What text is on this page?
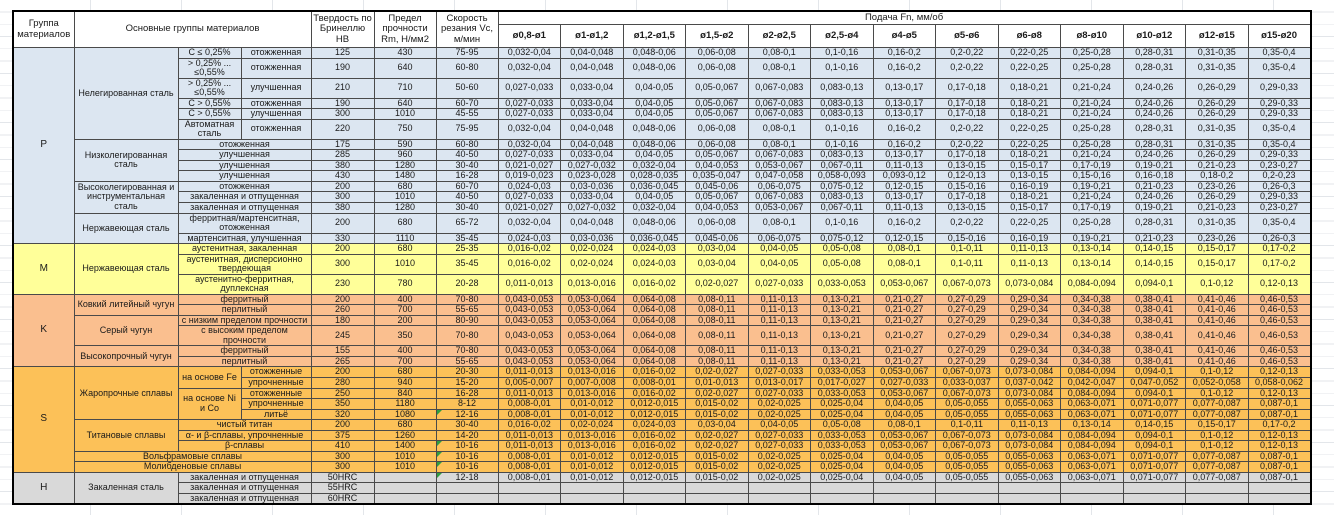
Группа материалов	Основные группы материалов			Твердость по Бринеллю HB	Предел прочности Rm, Н/мм2	Скорость резания Vc, м/мин	Подача Fn, мм/об												
							ø0,8-ø1	ø1-ø1,2	ø1,2-ø1,5	ø1,5-ø2	ø2-ø2,5	ø2,5-ø4	ø4-ø5	ø5-ø6	ø6-ø8	ø8-ø10	ø10-ø12	ø12-ø15	ø15-ø20
P	Нелегированная сталь	C ≤ 0,25%	отожженная	125	430	75-95	0,032-0,04	0,04-0,048	0,048-0,06	0,06-0,08	0,08-0,1	0,1-0,16	0,16-0,2	0,2-0,22	0,22-0,25	0,25-0,28	0,28-0,31	0,31-0,35	0,35-0,4
		> 0,25% ... ≤0,55%	отожженная	190	640	60-80	0,032-0,04	0,04-0,048	0,048-0,06	0,06-0,08	0,08-0,1	0,1-0,16	0,16-0,2	0,2-0,22	0,22-0,25	0,25-0,28	0,28-0,31	0,31-0,35	0,35-0,4
		> 0,25% ... ≤0,55%	улучшенная	210	710	50-60	0,027-0,033	0,033-0,04	0,04-0,05	0,05-0,067	0,067-0,083	0,083-0,13	0,13-0,17	0,17-0,18	0,18-0,21	0,21-0,24	0,24-0,26	0,26-0,29	0,29-0,33
		C > 0,55%	отожженная	190	640	60-70	0,027-0,033	0,033-0,04	0,04-0,05	0,05-0,067	0,067-0,083	0,083-0,13	0,13-0,17	0,17-0,18	0,18-0,21	0,21-0,24	0,24-0,26	0,26-0,29	0,29-0,33
		C > 0,55%	улучшенная	300	1010	45-55	0,027-0,033	0,033-0,04	0,04-0,05	0,05-0,067	0,067-0,083	0,083-0,13	0,13-0,17	0,17-0,18	0,18-0,21	0,21-0,24	0,24-0,26	0,26-0,29	0,29-0,33
		Автоматная сталь	отожженная	220	750	75-95	0,032-0,04	0,04-0,048	0,048-0,06	0,06-0,08	0,08-0,1	0,1-0,16	0,16-0,2	0,2-0,22	0,22-0,25	0,25-0,28	0,28-0,31	0,31-0,35	0,35-0,4
	Низколегированная сталь	отожженная		175	590	60-80	0,032-0,04	0,04-0,048	0,048-0,06	0,06-0,08	0,08-0,1	0,1-0,16	0,16-0,2	0,2-0,22	0,22-0,25	0,25-0,28	0,28-0,31	0,31-0,35	0,35-0,4
		улучшенная		285	960	40-50	0,027-0,033	0,033-0,04	0,04-0,05	0,05-0,067	0,067-0,083	0,083-0,13	0,13-0,17	0,17-0,18	0,18-0,21	0,21-0,24	0,24-0,26	0,26-0,29	0,29-0,33
		улучшенная		380	1280	30-40	0,021-0,027	0,027-0,032	0,032-0,04	0,04-0,053	0,053-0,067	0,067-0,11	0,11-0,13	0,13-0,15	0,15-0,17	0,17-0,19	0,19-0,21	0,21-0,23	0,23-0,27
		улучшенная		430	1480	16-28	0,019-0,023	0,023-0,028	0,028-0,035	0,035-0,047	0,047-0,058	0,058-0,093	0,093-0,12	0,12-0,13	0,13-0,15	0,15-0,16	0,16-0,18	0,18-0,2	0,2-0,23
	Высоколегированная и инструментальная сталь	отожженная		200	680	60-70	0,024-0,03	0,03-0,036	0,036-0,045	0,045-0,06	0,06-0,075	0,075-0,12	0,12-0,15	0,15-0,16	0,16-0,19	0,19-0,21	0,21-0,23	0,23-0,26	0,26-0,3
		закаленная и отпущенная		300	1010	40-50	0,027-0,033	0,033-0,04	0,04-0,05	0,05-0,067	0,067-0,083	0,083-0,13	0,13-0,17	0,17-0,18	0,18-0,21	0,21-0,24	0,24-0,26	0,26-0,29	0,29-0,33
		закаленная и отпущенная		380	1280	30-40	0,021-0,027	0,027-0,032	0,032-0,04	0,04-0,053	0,053-0,067	0,067-0,11	0,11-0,13	0,13-0,15	0,15-0,17	0,17-0,19	0,19-0,21	0,21-0,23	0,23-0,27
	Нержавеющая сталь	ферритная/мартенситная, отожженная		200	680	65-72	0,032-0,04	0,04-0,048	0,048-0,06	0,06-0,08	0,08-0,1	0,1-0,16	0,16-0,2	0,2-0,22	0,22-0,25	0,25-0,28	0,28-0,31	0,31-0,35	0,35-0,4
		мартенситная, улучшенная		330	1110	35-45	0,024-0,03	0,03-0,036	0,036-0,045	0,045-0,06	0,06-0,075	0,075-0,12	0,12-0,15	0,15-0,16	0,16-0,19	0,19-0,21	0,21-0,23	0,23-0,26	0,26-0,3
M	Нержавеющая сталь	аустенитная, закаленная		200	680	25-35	0,016-0,02	0,02-0,024	0,024-0,03	0,03-0,04	0,04-0,05	0,05-0,08	0,08-0,1	0,1-0,11	0,11-0,13	0,13-0,14	0,14-0,15	0,15-0,17	0,17-0,2
		аустенитная, дисперсионно твердеющая		300	1010	35-45	0,016-0,02	0,02-0,024	0,024-0,03	0,03-0,04	0,04-0,05	0,05-0,08	0,08-0,1	0,1-0,11	0,11-0,13	0,13-0,14	0,14-0,15	0,15-0,17	0,17-0,2
		аустенитно-ферритная, дуплексная		230	780	20-28	0,011-0,013	0,013-0,016	0,016-0,02	0,02-0,027	0,027-0,033	0,033-0,053	0,053-0,067	0,067-0,073	0,073-0,084	0,084-0,094	0,094-0,1	0,1-0,12	0,12-0,13
K	Ковкий литейный чугун	ферритный		200	400	70-80	0,043-0,053	0,053-0,064	0,064-0,08	0,08-0,11	0,11-0,13	0,13-0,21	0,21-0,27	0,27-0,29	0,29-0,34	0,34-0,38	0,38-0,41	0,41-0,46	0,46-0,53
		перлитный		260	700	55-65	0,043-0,053	0,053-0,064	0,064-0,08	0,08-0,11	0,11-0,13	0,13-0,21	0,21-0,27	0,27-0,29	0,29-0,34	0,34-0,38	0,38-0,41	0,41-0,46	0,46-0,53
	Серый чугун	с низким пределом прочности		180	200	80-90	0,043-0,053	0,053-0,064	0,064-0,08	0,08-0,11	0,11-0,13	0,13-0,21	0,21-0,27	0,27-0,29	0,29-0,34	0,34-0,38	0,38-0,41	0,41-0,46	0,46-0,53
		с высоким пределом прочности		245	350	70-80	0,043-0,053	0,053-0,064	0,064-0,08	0,08-0,11	0,11-0,13	0,13-0,21	0,21-0,27	0,27-0,29	0,29-0,34	0,34-0,38	0,38-0,41	0,41-0,46	0,46-0,53
	Высокопрочный чугун	ферритный		155	400	70-80	0,043-0,053	0,053-0,064	0,064-0,08	0,08-0,11	0,11-0,13	0,13-0,21	0,21-0,27	0,27-0,29	0,29-0,34	0,34-0,38	0,38-0,41	0,41-0,46	0,46-0,53
		перлитный		265	700	55-65	0,043-0,053	0,053-0,064	0,064-0,08	0,08-0,11	0,11-0,13	0,13-0,21	0,21-0,27	0,27-0,29	0,29-0,34	0,34-0,38	0,38-0,41	0,41-0,46	0,46-0,53
S	Жаропрочные сплавы	на основе Fe	отожженные	200	680	20-30	0,011-0,013	0,013-0,016	0,016-0,02	0,02-0,027	0,027-0,033	0,033-0,053	0,053-0,067	0,067-0,073	0,073-0,084	0,084-0,094	0,094-0,1	0,1-0,12	0,12-0,13
			упрочненные	280	940	15-20	0,005-0,007	0,007-0,008	0,008-0,01	0,01-0,013	0,013-0,017	0,017-0,027	0,027-0,033	0,033-0,037	0,037-0,042	0,042-0,047	0,047-0,052	0,052-0,058	0,058-0,062
		на основе Ni и Co	отожженные	250	840	16-28	0,011-0,013	0,013-0,016	0,016-0,02	0,02-0,027	0,027-0,033	0,033-0,053	0,053-0,067	0,067-0,073	0,073-0,084	0,084-0,094	0,094-0,1	0,1-0,12	0,12-0,13
			упрочненные	350	1180	8-12	0,008-0,01	0,01-0,012	0,012-0,015	0,015-0,02	0,02-0,025	0,025-0,04	0,04-0,05	0,05-0,055	0,055-0,063	0,063-0,071	0,071-0,077	0,077-0,087	0,087-0,1
			литьё	320	1080	12-16	0,008-0,01	0,01-0,012	0,012-0,015	0,015-0,02	0,02-0,025	0,025-0,04	0,04-0,05	0,05-0,055	0,055-0,063	0,063-0,071	0,071-0,077	0,077-0,087	0,087-0,1
	Титановые сплавы	чистый титан		200	680	30-40	0,016-0,02	0,02-0,024	0,024-0,03	0,03-0,04	0,04-0,05	0,05-0,08	0,08-0,1	0,1-0,11	0,11-0,13	0,13-0,14	0,14-0,15	0,15-0,17	0,17-0,2
		α- и β-сплавы, упрочненные		375	1260	14-20	0,011-0,013	0,013-0,016	0,016-0,02	0,02-0,027	0,027-0,033	0,033-0,053	0,053-0,067	0,067-0,073	0,073-0,084	0,084-0,094	0,094-0,1	0,1-0,12	0,12-0,13
		β-сплавы		410	1400	10-16	0,011-0,013	0,013-0,016	0,016-0,02	0,02-0,027	0,027-0,033	0,033-0,053	0,053-0,067	0,067-0,073	0,073-0,084	0,084-0,094	0,094-0,1	0,1-0,12	0,12-0,13
	Вольфрамовые сплавы			300	1010	10-16	0,008-0,01	0,01-0,012	0,012-0,015	0,015-0,02	0,02-0,025	0,025-0,04	0,04-0,05	0,05-0,055	0,055-0,063	0,063-0,071	0,071-0,077	0,077-0,087	0,087-0,1
	Молибденовые сплавы			300	1010	10-16	0,008-0,01	0,01-0,012	0,012-0,015	0,015-0,02	0,02-0,025	0,025-0,04	0,04-0,05	0,05-0,055	0,055-0,063	0,063-0,071	0,071-0,077	0,077-0,087	0,087-0,1
H	Закаленная сталь	закаленная и отпущенная		50HRC		12-18	0,008-0,01	0,01-0,012	0,012-0,015	0,015-0,02	0,02-0,025	0,025-0,04	0,04-0,05	0,05-0,055	0,055-0,063	0,063-0,071	0,071-0,077	0,077-0,087	0,087-0,1
		закаленная и отпущенная		55HRC															
		закаленная и отпущенная		60HRC															
